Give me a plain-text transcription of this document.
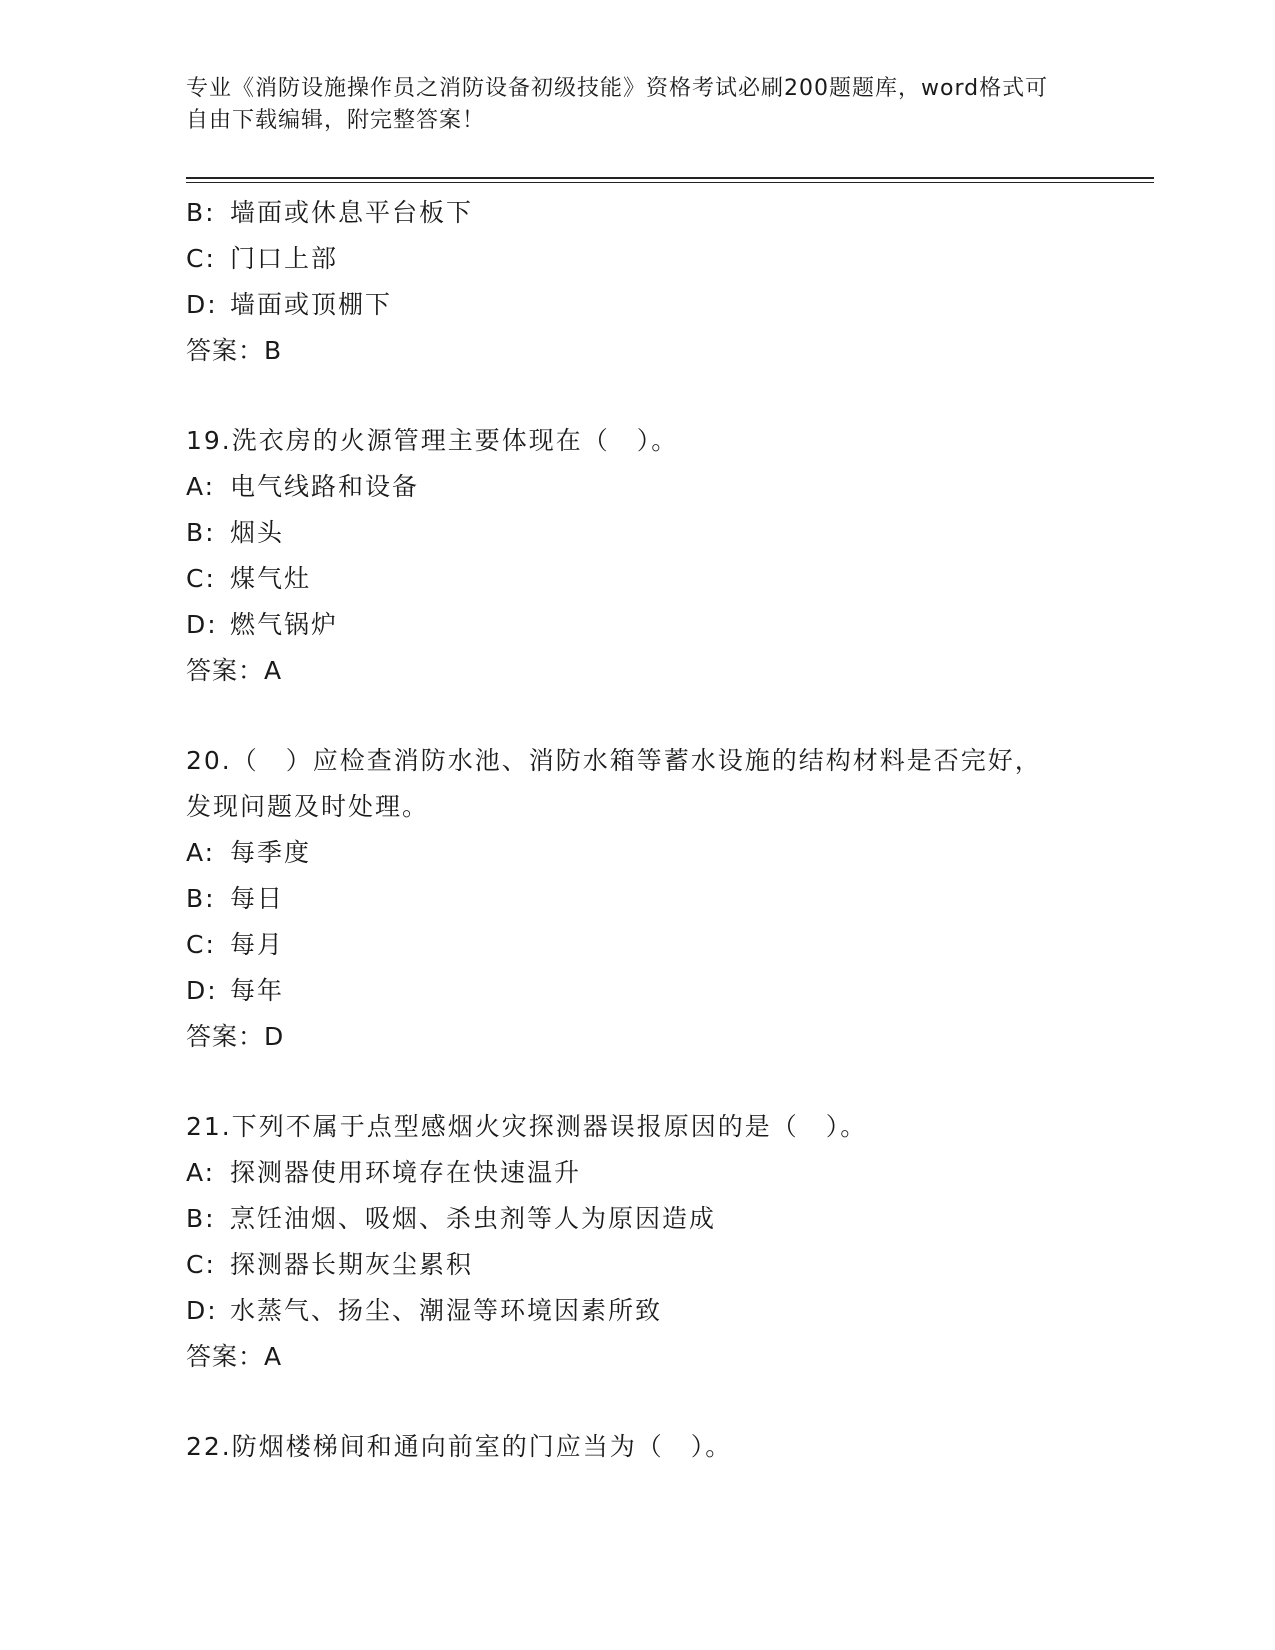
专业《消防设施操作员之消防设备初级技能》资格考试必刷200题题库，word格式可自由下载编辑，附完整答案！
B: 墙面或休息平台板下
C: 门口上部
D: 墙面或顶棚下
答案：B
19.洗衣房的火源管理主要体现在（　）。
A: 电气线路和设备
B: 烟头
C: 煤气灶
D: 燃气锅炉
答案：A
20.（　）应检查消防水池、消防水箱等蓄水设施的结构材料是否完好，发现问题及时处理。
A: 每季度
B: 每日
C: 每月
D: 每年
答案：D
21.下列不属于点型感烟火灾探测器误报原因的是（　）。
A: 探测器使用环境存在快速温升
B: 烹饪油烟、吸烟、杀虫剂等人为原因造成
C: 探测器长期灰尘累积
D: 水蒸气、扬尘、潮湿等环境因素所致
答案：A
22.防烟楼梯间和通向前室的门应当为（　）。
